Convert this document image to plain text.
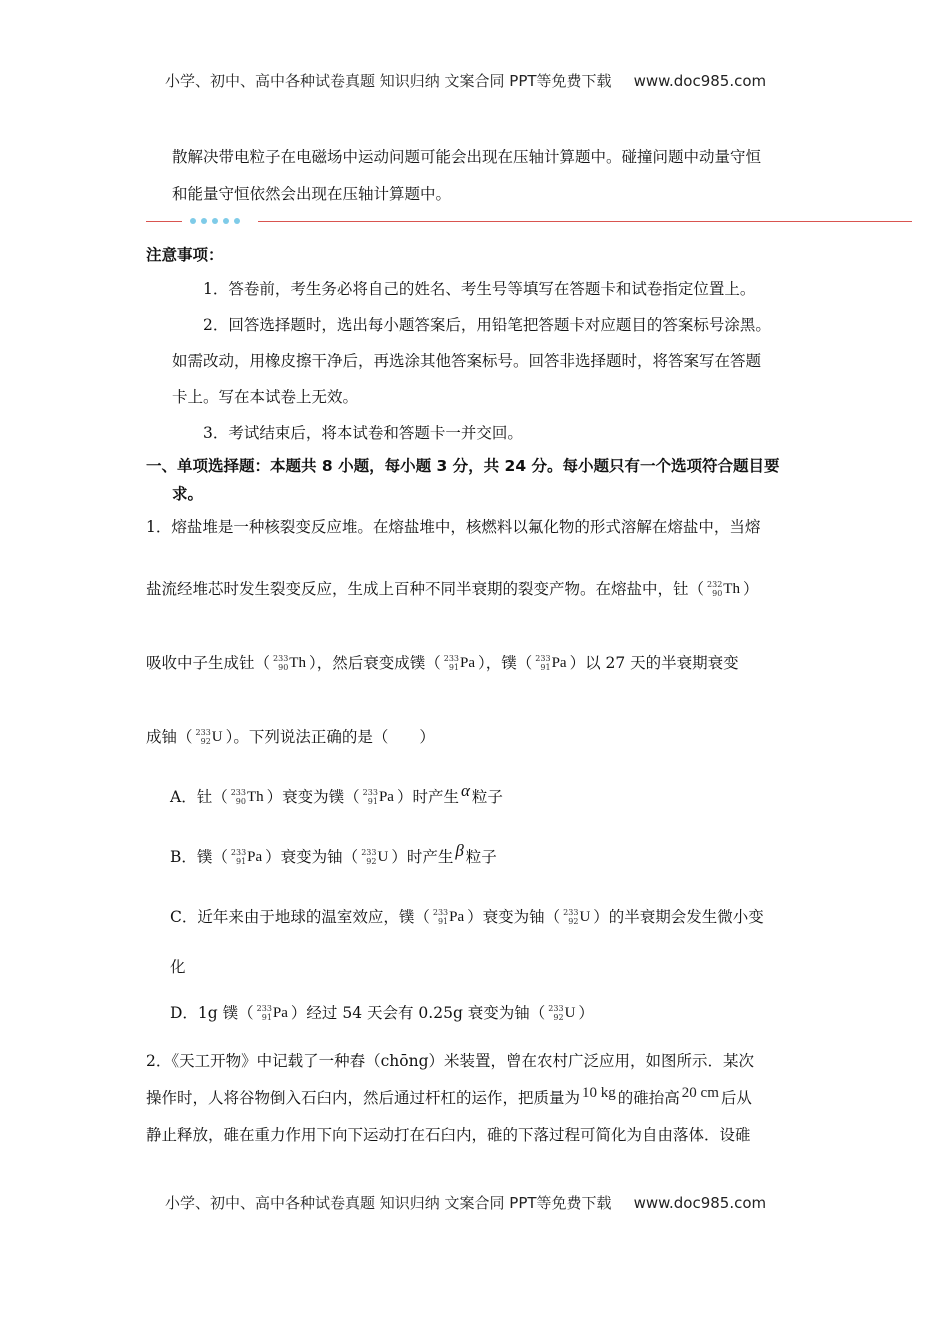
小学、初中、高中各种试卷真题 知识归纳 文案合同 PPT等免费下载 www.doc985.com
散解决带电粒子在电磁场中运动问题可能会出现在压轴计算题中。碰撞问题中动量守恒
和能量守恒依然会出现在压轴计算题中。
注意事项：
1．答卷前，考生务必将自己的姓名、考生号等填写在答题卡和试卷指定位置上。
2．回答选择题时，选出每小题答案后，用铅笔把答题卡对应题目的答案标号涂黑。
如需改动，用橡皮擦干净后，再选涂其他答案标号。回答非选择题时，将答案写在答题
卡上。写在本试卷上无效。
3．考试结束后，将本试卷和答题卡一并交回。
一、单项选择题：本题共 8 小题，每小题 3 分，共 24 分。每小题只有一个选项符合题目要
求。
1．熔盐堆是一种核裂变反应堆。在熔盐堆中，核燃料以氟化物的形式溶解在熔盐中，当熔
盐流经堆芯时发生裂变反应，生成上百种不同半衰期的裂变产物。在熔盐中，钍（ 232
90 Th ）
吸收中子生成钍（ 233
90 Th ），然后衰变成镤（ 233
91 Pa ），镤（ 233
91 Pa ）以 27 天的半衰期衰变
成铀（ 233
92 U ）。下列说法正确的是（　　）
A．钍（ 233
90 Th ）衰变为镤（ 233
91 Pa ）时产生 α 粒子
B．镤（ 233
91 Pa ）衰变为铀（ 233
92 U ）时产生 β 粒子
C．近年来由于地球的温室效应，镤（ 233
91 Pa ）衰变为铀（ 233
92 U ）的半衰期会发生微小变
化
D．1g 镤（ 233
91 Pa ）经过 54 天会有 0.25g 衰变为铀（ 233
92 U ）
2．《天工开物》中记载了一种舂（chōng）米装置，曾在农村广泛应用，如图所示．某次
操作时，人将谷物倒入石臼内，然后通过杆杠的运作，把质量为 10 kg 的碓抬高 20 cm 后从
静止释放，碓在重力作用下向下运动打在石臼内，碓的下落过程可简化为自由落体．设碓
小学、初中、高中各种试卷真题 知识归纳 文案合同 PPT等免费下载 www.doc985.com
